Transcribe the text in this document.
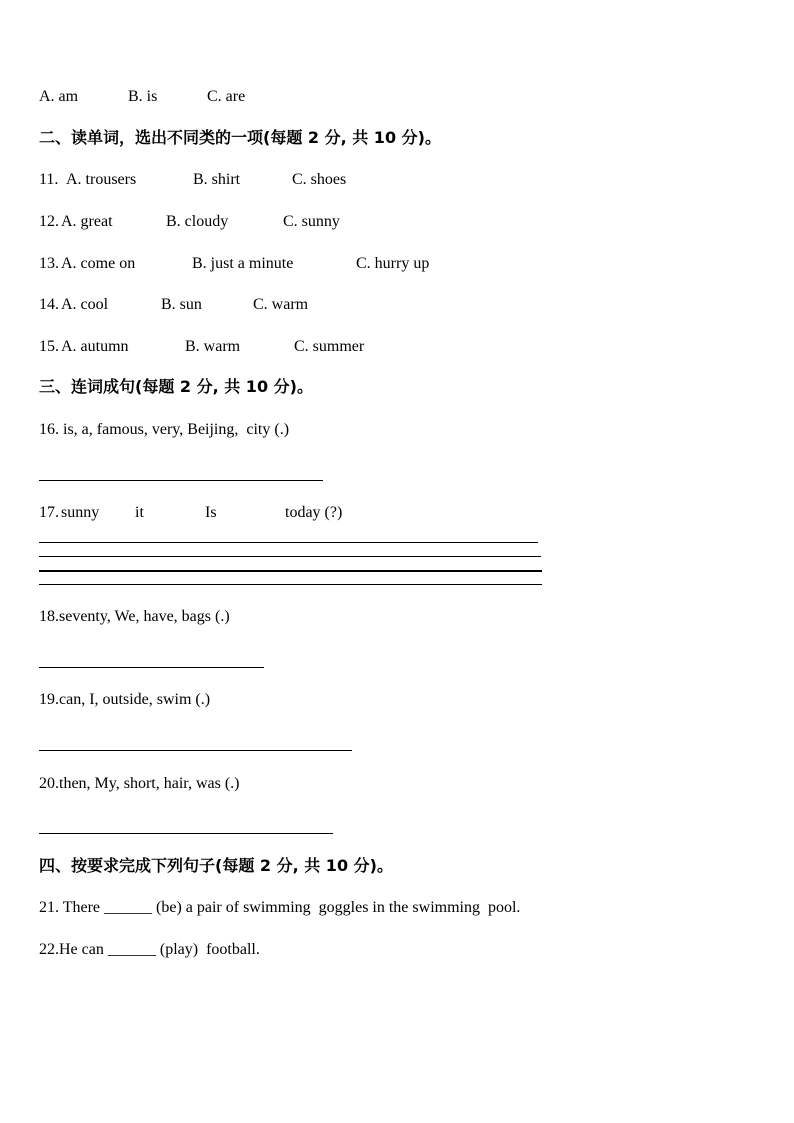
A. am

	B. is

	C. are

二、读单词，选出不同类的一项(每题 2 分, 共 10 分)。

11.

A. trousers

	B. shirt

	C. shoes

12.

A. great

	B. cloudy

	C. sunny

13.

A. come on

	B. just a minute

	C. hurry up

14.

A. cool

	B. sun

	C. warm

15.

A. autumn

	B. warm

	C. summer

三、连词成句(每题 2 分, 共 10 分)。
16. is, a, famous, very, Beijing,  city (.)

17.

sunny

it

	Is

	today (?)

18.seventy, We, have, bags (.)
19.can, I, outside, swim (.)
20.then, My, short, hair, was (.)
四、按要求完成下列句子(每题 2 分, 共 10 分)。
21. There ______ (be) a pair of swimming  goggles in the swimming  pool.
22.He can ______ (play)  football.
